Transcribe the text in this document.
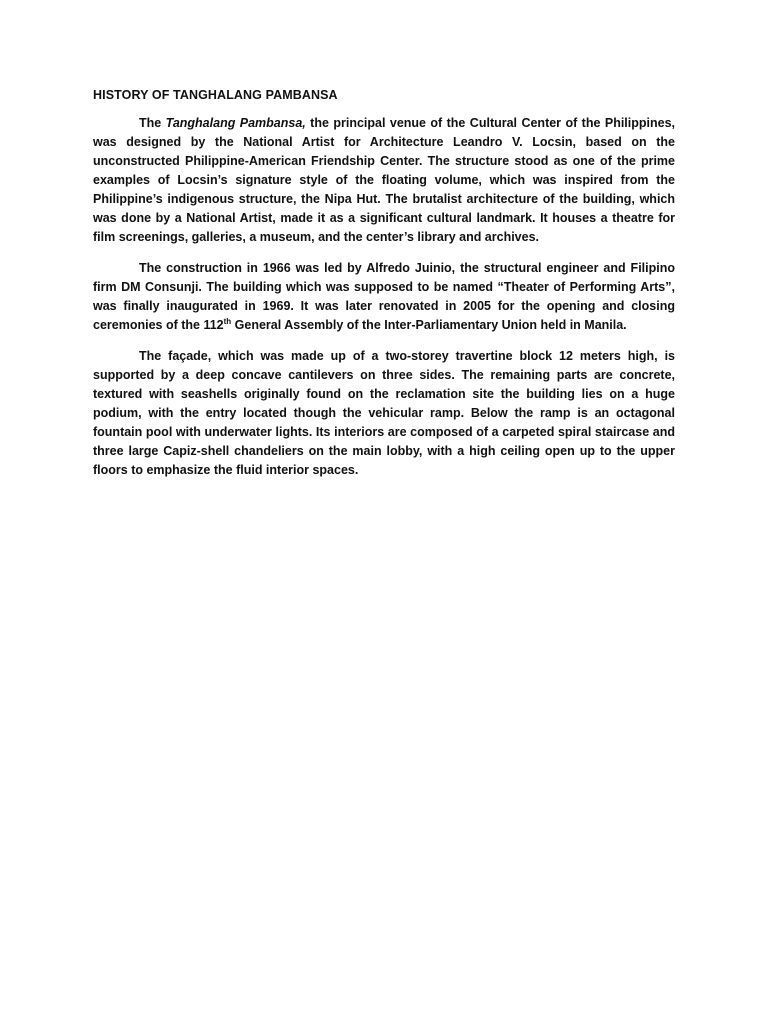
HISTORY OF TANGHALANG PAMBANSA

The Tanghalang Pambansa, the principal venue of the Cultural Center of the Philippines, was designed by the National Artist for Architecture Leandro V. Locsin, based on the unconstructed Philippine-American Friendship Center. The structure stood as one of the prime examples of Locsin’s signature style of the floating volume, which was inspired from the Philippine’s indigenous structure, the Nipa Hut. The brutalist architecture of the building, which was done by a National Artist, made it as a significant cultural landmark. It houses a theatre for film screenings, galleries, a museum, and the center’s library and archives.

The construction in 1966 was led by Alfredo Juinio, the structural engineer and Filipino firm DM Consunji. The building which was supposed to be named “Theater of Performing Arts”, was finally inaugurated in 1969. It was later renovated in 2005 for the opening and closing ceremonies of the 112th General Assembly of the Inter-Parliamentary Union held in Manila.

The façade, which was made up of a two-storey travertine block 12 meters high, is supported by a deep concave cantilevers on three sides. The remaining parts are concrete, textured with seashells originally found on the reclamation site the building lies on a huge podium, with the entry located though the vehicular ramp. Below the ramp is an octagonal fountain pool with underwater lights. Its interiors are composed of a carpeted spiral staircase and three large Capiz-shell chandeliers on the main lobby, with a high ceiling open up to the upper floors to emphasize the fluid interior spaces.
